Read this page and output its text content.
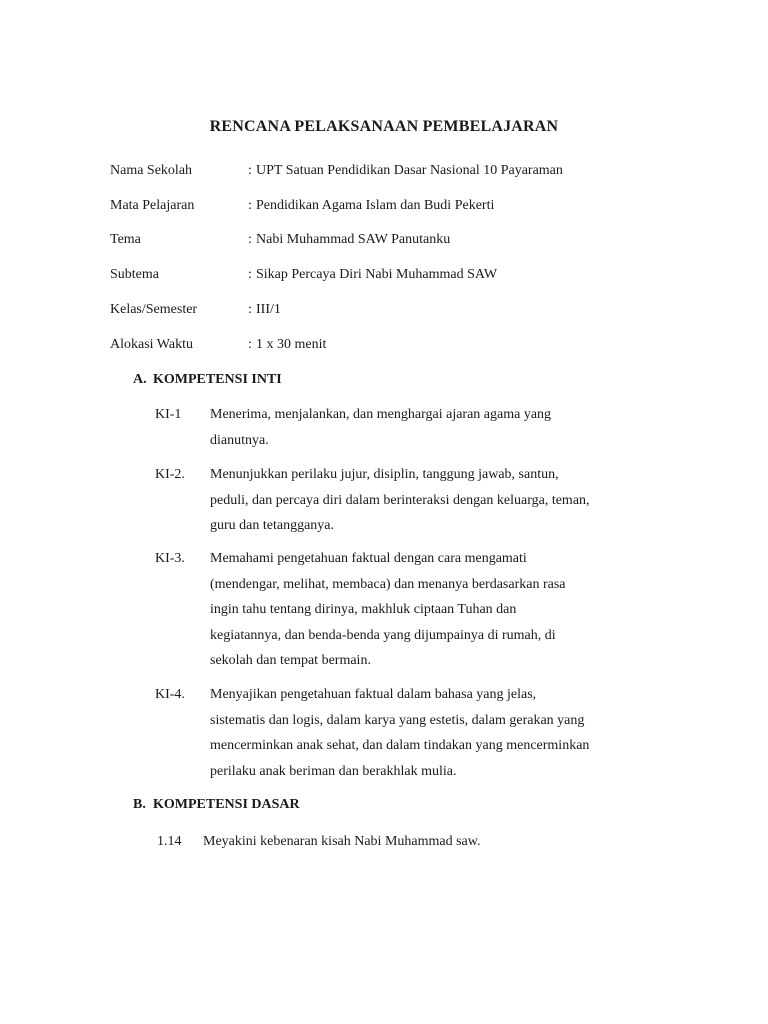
RENCANA PELAKSANAAN PEMBELAJARAN
Nama Sekolah	: UPT Satuan Pendidikan Dasar Nasional 10 Payaraman
Mata Pelajaran	: Pendidikan Agama Islam dan Budi Pekerti
Tema	: Nabi Muhammad SAW Panutanku
Subtema	: Sikap Percaya Diri Nabi Muhammad SAW
Kelas/Semester	: III/1
Alokasi Waktu	: 1 x 30 menit
A. KOMPETENSI INTI
KI-1 Menerima, menjalankan, dan menghargai ajaran agama yang dianutnya.
KI-2. Menunjukkan perilaku jujur, disiplin, tanggung jawab, santun, peduli, dan percaya diri dalam berinteraksi dengan keluarga, teman, guru dan tetangganya.
KI-3. Memahami pengetahuan faktual dengan cara mengamati (mendengar, melihat, membaca) dan menanya berdasarkan rasa ingin tahu tentang dirinya, makhluk ciptaan Tuhan dan kegiatannya, dan benda-benda yang dijumpainya di rumah, di sekolah dan tempat bermain.
KI-4. Menyajikan pengetahuan faktual dalam bahasa yang jelas, sistematis dan logis, dalam karya yang estetis, dalam gerakan yang mencerminkan anak sehat, dan dalam tindakan yang mencerminkan perilaku anak beriman dan berakhlak mulia.
B. KOMPETENSI DASAR
1.14 Meyakini kebenaran kisah Nabi Muhammad saw.
